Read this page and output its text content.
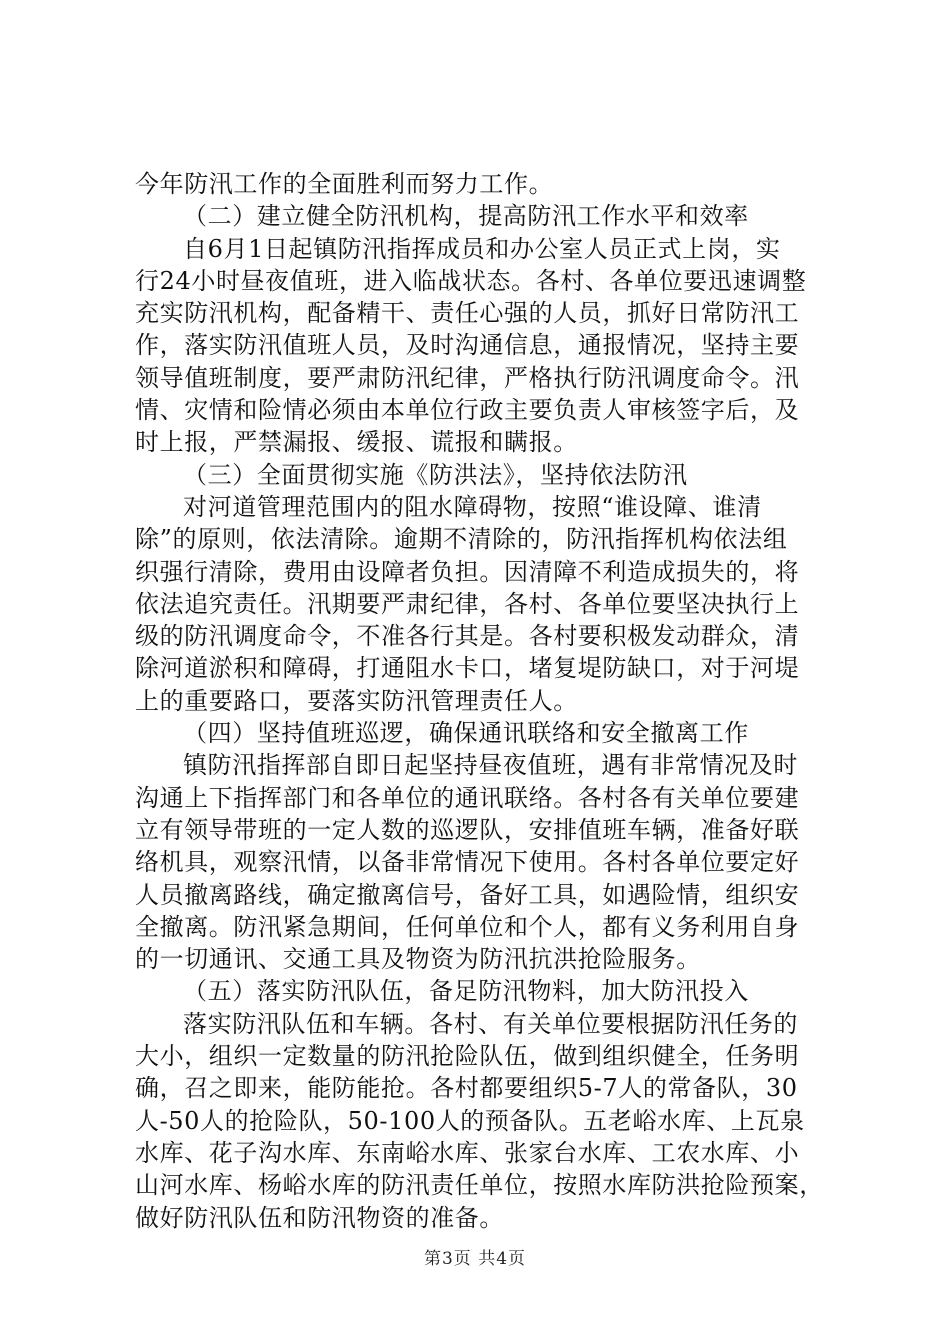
今年防汛工作的全面胜利而努力工作。
（二）建立健全防汛机构，提高防汛工作水平和效率
自6月1日起镇防汛指挥成员和办公室人员正式上岗，实
行24小时昼夜值班，进入临战状态。各村、各单位要迅速调整
充实防汛机构，配备精干、责任心强的人员，抓好日常防汛工
作，落实防汛值班人员，及时沟通信息，通报情况，坚持主要
领导值班制度，要严肃防汛纪律，严格执行防汛调度命令。汛
情、灾情和险情必须由本单位行政主要负责人审核签字后，及
时上报，严禁漏报、缓报、谎报和瞒报。
（三）全面贯彻实施《防洪法》，坚持依法防汛
对河道管理范围内的阻水障碍物，按照“谁设障、谁清
除”的原则，依法清除。逾期不清除的，防汛指挥机构依法组
织强行清除，费用由设障者负担。因清障不利造成损失的，将
依法追究责任。汛期要严肃纪律，各村、各单位要坚决执行上
级的防汛调度命令，不准各行其是。各村要积极发动群众，清
除河道淤积和障碍，打通阻水卡口，堵复堤防缺口，对于河堤
上的重要路口，要落实防汛管理责任人。
（四）坚持值班巡逻，确保通讯联络和安全撤离工作
镇防汛指挥部自即日起坚持昼夜值班，遇有非常情况及时
沟通上下指挥部门和各单位的通讯联络。各村各有关单位要建
立有领导带班的一定人数的巡逻队，安排值班车辆，准备好联
络机具，观察汛情，以备非常情况下使用。各村各单位要定好
人员撤离路线，确定撤离信号，备好工具，如遇险情，组织安
全撤离。防汛紧急期间，任何单位和个人，都有义务利用自身
的一切通讯、交通工具及物资为防汛抗洪抢险服务。
（五）落实防汛队伍，备足防汛物料，加大防汛投入
落实防汛队伍和车辆。各村、有关单位要根据防汛任务的
大小，组织一定数量的防汛抢险队伍，做到组织健全，任务明
确，召之即来，能防能抢。各村都要组织5-7人的常备队，30
人-50人的抢险队，50-100人的预备队。五老峪水库、上瓦泉
水库、花子沟水库、东南峪水库、张家台水库、工农水库、小
山河水库、杨峪水库的防汛责任单位，按照水库防洪抢险预案，
做好防汛队伍和防汛物资的准备。
第3页 共4页
